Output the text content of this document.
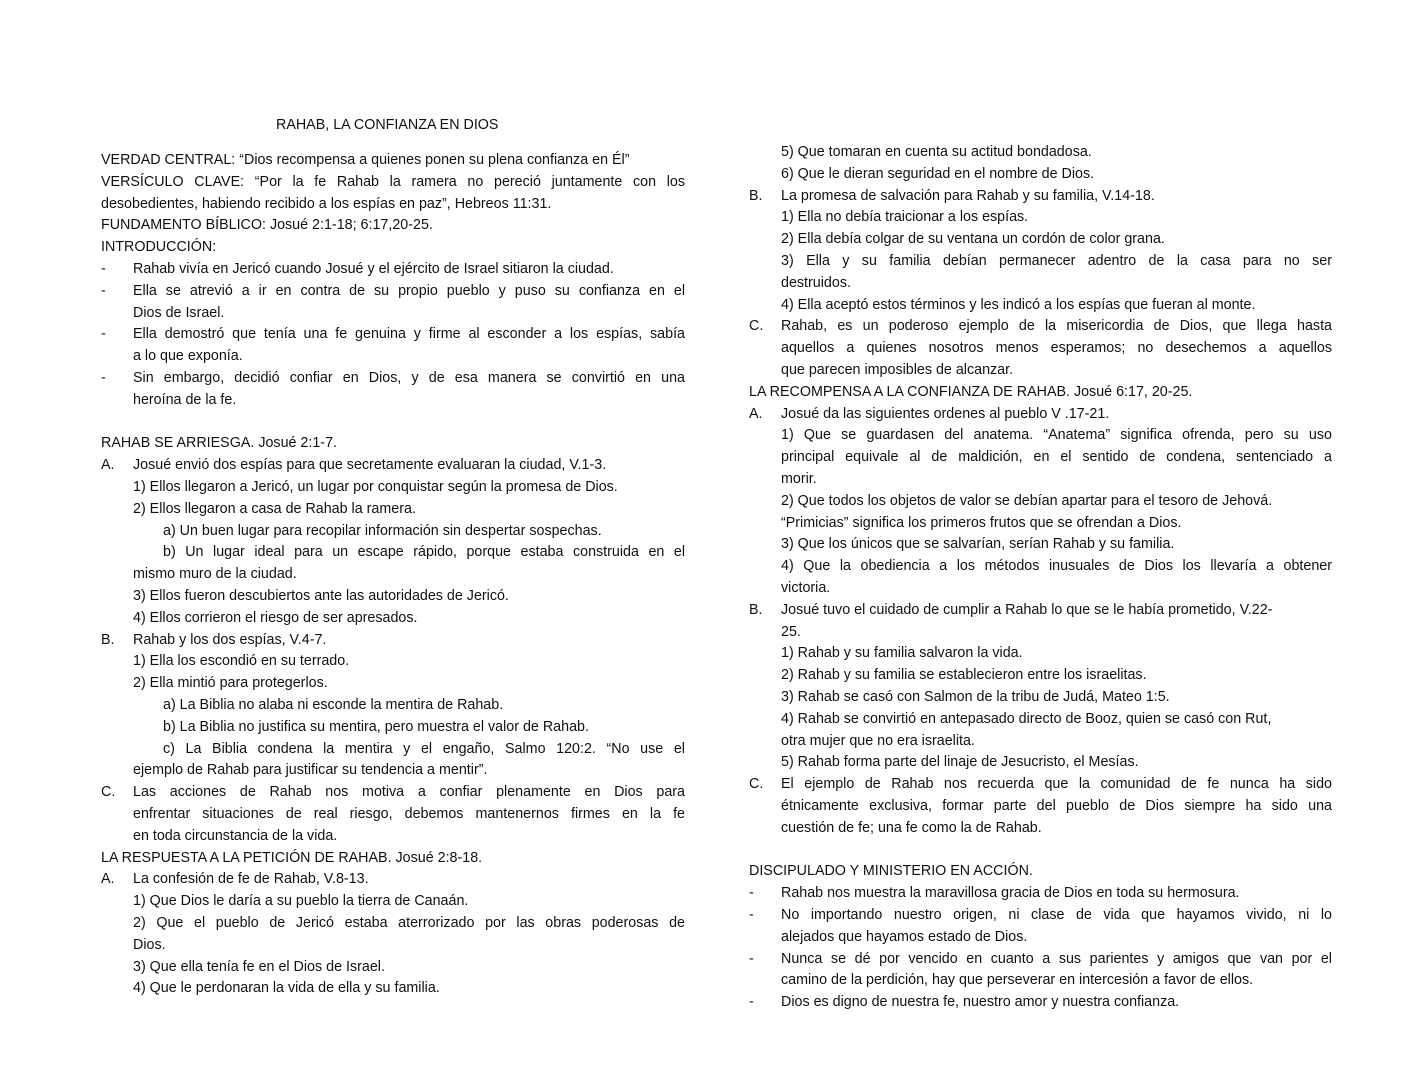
RAHAB, LA CONFIANZA EN DIOS
VERDAD CENTRAL: “Dios recompensa a quienes ponen su plena confianza en Él”
VERSÍCULO CLAVE: “Por la fe Rahab la ramera no pereció juntamente con los
desobedientes, habiendo recibido a los espías en paz”, Hebreos 11:31.
FUNDAMENTO BÍBLICO: Josué 2:1-18; 6:17,20-25.
INTRODUCCIÓN:
- Rahab vivía en Jericó cuando Josué y el ejército de Israel sitiaron la ciudad.
- Ella se atrevió a ir en contra de su propio pueblo y puso su confianza en el
Dios de Israel.
- Ella demostró que tenía una fe genuina y firme al esconder a los espías, sabía
a lo que exponía.
- Sin embargo, decidió confiar en Dios, y de esa manera se convirtió en una
heroína de la fe.
RAHAB SE ARRIESGA. Josué 2:1-7.
A. Josué envió dos espías para que secretamente evaluaran la ciudad, V.1-3.
1) Ellos llegaron a Jericó, un lugar por conquistar según la promesa de Dios.
2) Ellos llegaron a casa de Rahab la ramera.
a) Un buen lugar para recopilar información sin despertar sospechas.
b) Un lugar ideal para un escape rápido, porque estaba construida en el
mismo muro de la ciudad.
3) Ellos fueron descubiertos ante las autoridades de Jericó.
4) Ellos corrieron el riesgo de ser apresados.
B. Rahab y los dos espías, V.4-7.
1) Ella los escondió en su terrado.
2) Ella mintió para protegerlos.
a) La Biblia no alaba ni esconde la mentira de Rahab.
b) La Biblia no justifica su mentira, pero muestra el valor de Rahab.
c) La Biblia condena la mentira y el engaño, Salmo 120:2. “No use el
ejemplo de Rahab para justificar su tendencia a mentir”.
C. Las acciones de Rahab nos motiva a confiar plenamente en Dios para
enfrentar situaciones de real riesgo, debemos mantenernos firmes en la fe
en toda circunstancia de la vida.
LA RESPUESTA A LA PETICIÓN DE RAHAB. Josué 2:8-18.
A. La confesión de fe de Rahab, V.8-13.
1) Que Dios le daría a su pueblo la tierra de Canaán.
2) Que el pueblo de Jericó estaba aterrorizado por las obras poderosas de
Dios.
3) Que ella tenía fe en el Dios de Israel.
4) Que le perdonaran la vida de ella y su familia.
5) Que tomaran en cuenta su actitud bondadosa.
6) Que le dieran seguridad en el nombre de Dios.
B. La promesa de salvación para Rahab y su familia, V.14-18.
1) Ella no debía traicionar a los espías.
2) Ella debía colgar de su ventana un cordón de color grana.
3) Ella y su familia debían permanecer adentro de la casa para no ser
destruidos.
4) Ella aceptó estos términos y les indicó a los espías que fueran al monte.
C. Rahab, es un poderoso ejemplo de la misericordia de Dios, que llega hasta
aquellos a quienes nosotros menos esperamos; no desechemos a aquellos
que parecen imposibles de alcanzar.
LA RECOMPENSA A LA CONFIANZA DE RAHAB. Josué 6:17, 20-25.
A. Josué da las siguientes ordenes al pueblo V .17-21.
1) Que se guardasen del anatema. “Anatema” significa ofrenda, pero su uso
principal equivale al de maldición, en el sentido de condena, sentenciado a
morir.
2) Que todos los objetos de valor se debían apartar para el tesoro de Jehová.
“Primicias” significa los primeros frutos que se ofrendan a Dios.
3) Que los únicos que se salvarían, serían Rahab y su familia.
4) Que la obediencia a los métodos inusuales de Dios los llevaría a obtener
victoria.
B. Josué tuvo el cuidado de cumplir a Rahab lo que se le había prometido, V.22-
25.
1) Rahab y su familia salvaron la vida.
2) Rahab y su familia se establecieron entre los israelitas.
3) Rahab se casó con Salmon de la tribu de Judá, Mateo 1:5.
4) Rahab se convirtió en antepasado directo de Booz, quien se casó con Rut,
otra mujer que no era israelita.
5) Rahab forma parte del linaje de Jesucristo, el Mesías.
C. El ejemplo de Rahab nos recuerda que la comunidad de fe nunca ha sido
étnicamente exclusiva, formar parte del pueblo de Dios siempre ha sido una
cuestión de fe; una fe como la de Rahab.
DISCIPULADO Y MINISTERIO EN ACCIÓN.
- Rahab nos muestra la maravillosa gracia de Dios en toda su hermosura.
- No importando nuestro origen, ni clase de vida que hayamos vivido, ni lo
alejados que hayamos estado de Dios.
- Nunca se dé por vencido en cuanto a sus parientes y amigos que van por el
camino de la perdición, hay que perseverar en intercesión a favor de ellos.
- Dios es digno de nuestra fe, nuestro amor y nuestra confianza.
